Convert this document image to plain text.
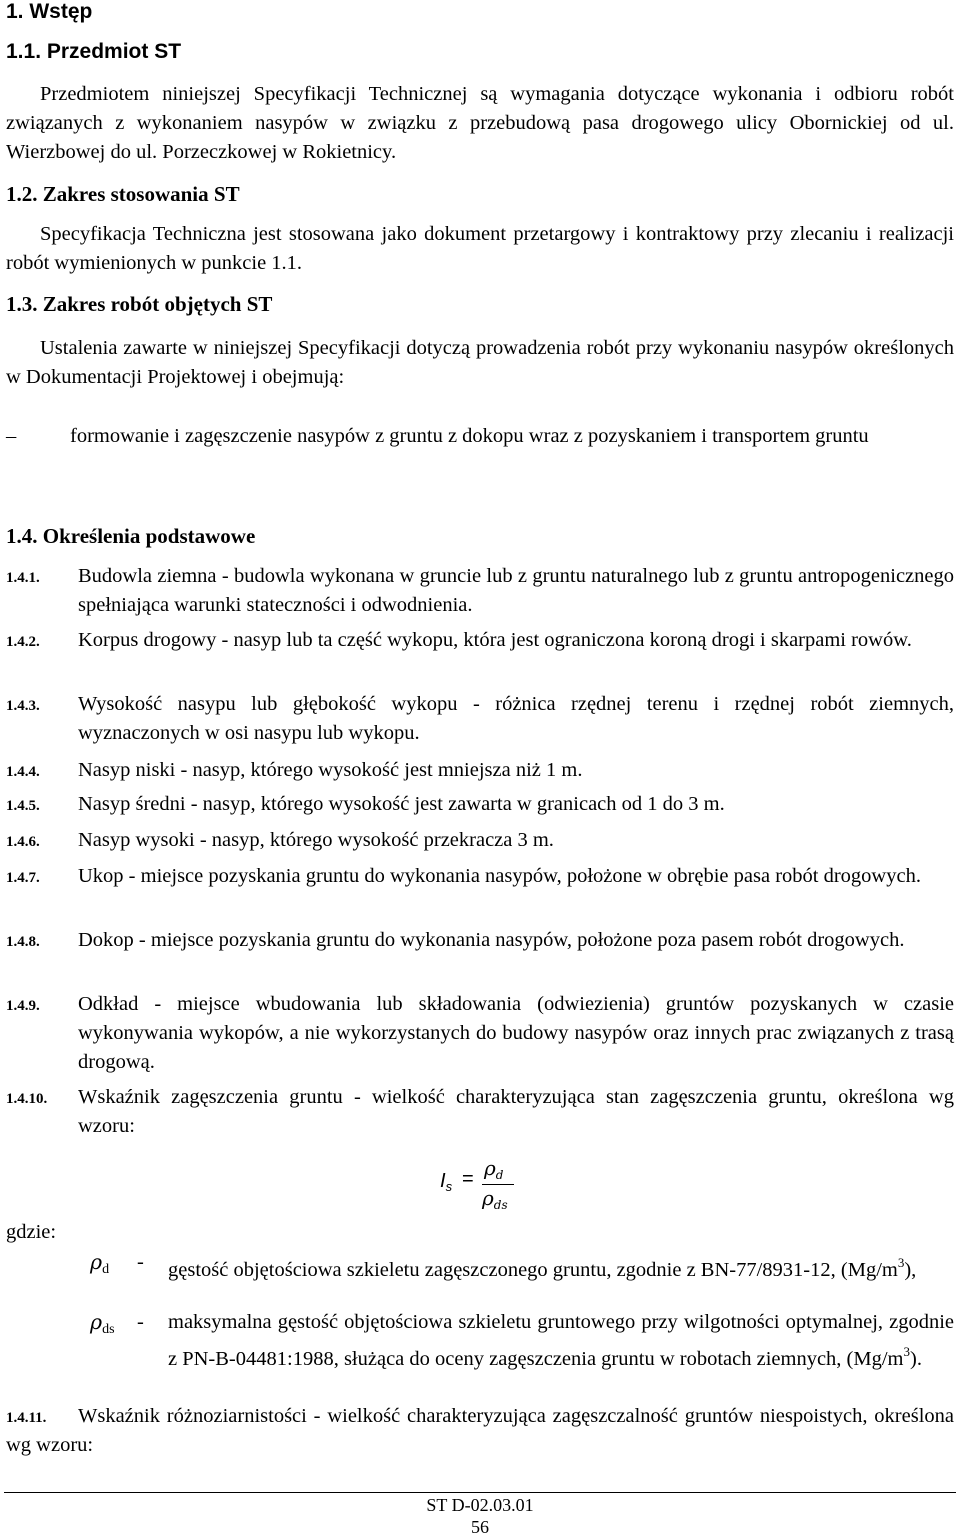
1. Wstęp
1.1. Przedmiot ST
Przedmiotem niniejszej Specyfikacji Technicznej są wymagania dotyczące wykonania i odbioru robót związanych z wykonaniem nasypów w związku z przebudową pasa drogowego ulicy Obornickiej od ul. Wierzbowej do ul. Porzeczkowej w Rokietnicy.
1.2. Zakres stosowania ST
Specyfikacja Techniczna jest stosowana jako dokument przetargowy i kontraktowy przy zlecaniu i realizacji robót wymienionych w punkcie 1.1.
1.3. Zakres robót objętych ST
Ustalenia zawarte w niniejszej Specyfikacji dotyczą prowadzenia robót przy wykonaniu nasypów określonych w Dokumentacji Projektowej i obejmują:
–	formowanie i zagęszczenie nasypów z gruntu z dokopu wraz z pozyskaniem i transportem gruntu
1.4. Określenia podstawowe
1.4.1. Budowla ziemna - budowla wykonana w gruncie lub z gruntu naturalnego lub z gruntu antropogenicznego spełniająca warunki stateczności i odwodnienia.
1.4.2. Korpus drogowy - nasyp lub ta część wykopu, która jest ograniczona koroną drogi i skarpami rowów.
1.4.3. Wysokość nasypu lub głębokość wykopu - różnica rzędnej terenu i rzędnej robót ziemnych, wyznaczonych w osi nasypu lub wykopu.
1.4.4. Nasyp niski - nasyp, którego wysokość jest mniejsza niż 1 m.
1.4.5. Nasyp średni - nasyp, którego wysokość jest zawarta w granicach od 1 do 3 m.
1.4.6. Nasyp wysoki - nasyp, którego wysokość przekracza 3 m.
1.4.7. Ukop - miejsce pozyskania gruntu do wykonania nasypów, położone w obrębie pasa robót drogowych.
1.4.8. Dokop - miejsce pozyskania gruntu do wykonania nasypów, położone poza pasem robót drogowych.
1.4.9. Odkład - miejsce wbudowania lub składowania (odwiezienia) gruntów pozyskanych w czasie wykonywania wykopów, a nie wykorzystanych do budowy nasypów oraz innych prac związanych z trasą drogową.
1.4.10. Wskaźnik zagęszczenia gruntu - wielkość charakteryzująca stan zagęszczenia gruntu, określona wg wzoru:
$I_s = \rho_d$
$\rho_{ds}$
gdzie:
$\rho_d$ - gęstość objętościowa szkieletu zagęszczonego gruntu, zgodnie z BN-77/8931-12, $(Mg/m^3)$,
$\rho_{ds}$ - maksymalna gęstość objętościowa szkieletu gruntowego przy wilgotności optymalnej, zgodnie z PN-B-04481:1988, służąca do oceny zagęszczenia gruntu w robotach ziemnych, $(Mg/m^3)$.
1.4.11.	Wskaźnik różnoziarnistości - wielkość charakteryzująca zagęszczalność gruntów niespoistych, określona wg wzoru:
ST D-02.03.01
56
